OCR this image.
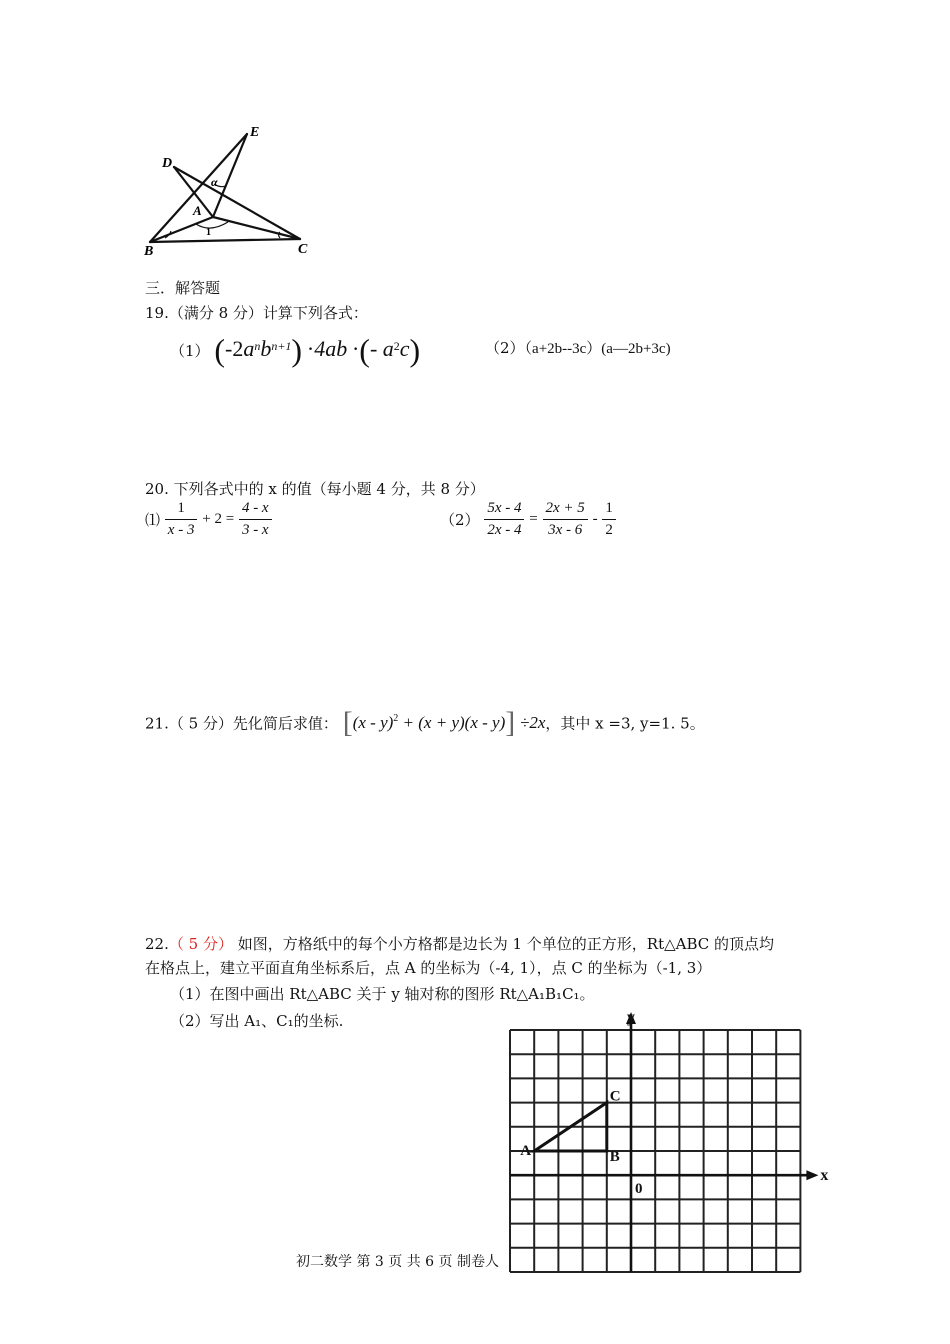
D
E
α
A
1
B	C
三．解答题
19.（满分 8 分）计算下列各式：
（1） $(-2a^nb^{n+1}) \cdot 4ab$ ·(- $a^2c$)	（2）（a+2b--3c）(a—2b+3c)
20. 下列各式中的 x 的值（每小题 4 分，共 8 分）
⑴ $\frac{1}{x - 3} + 2 = \frac{4 - x}{3 - x}$	$(2) \frac{5x - 4}{2x - 4} = \frac{2x + 5}{3x - 6} - \frac{1}{2}$
21.（ 5 分）先化简后求值： [(x - y)$^2$ + (x + y)(x - y)] ÷2x，其中 x =3, y=1. 5。
22.（ 5 分） 如图，方格纸中的每个小方格都是边长为 1 个单位的正方形，Rt△ABC 的顶点均
在格点上，建立平面直角坐标系后，点 A 的坐标为（-4, 1），点 C 的坐标为（-1, 3）
（1）在图中画出 Rt△ABC 关于 y 轴对称的图形 Rt△A₁B₁C₁。
（2）写出 A₁、C₁的坐标.
A	B
C
0
y
x
初二数学 第 3 页 共 6 页 制卷人
